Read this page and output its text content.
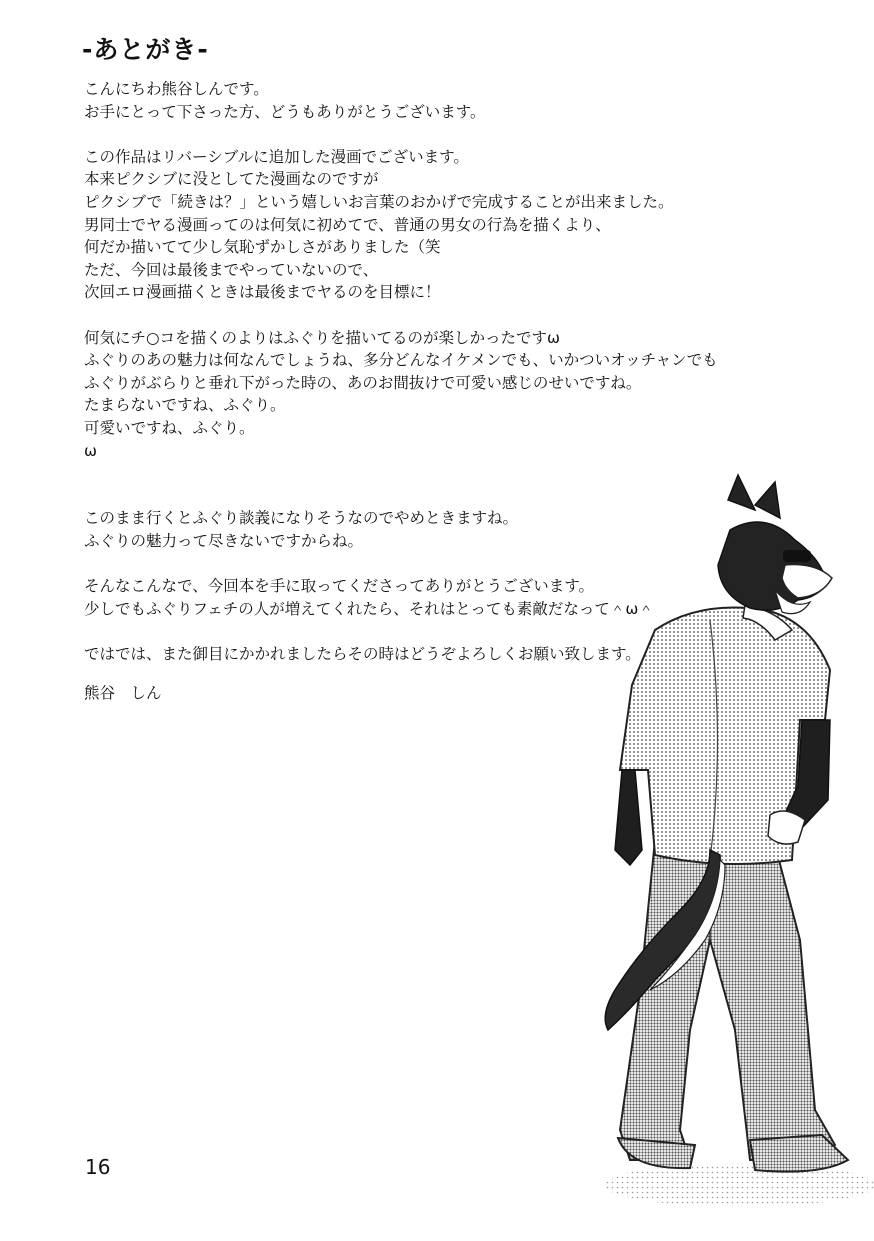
-あとがき-
こんにちわ熊谷しんです。
お手にとって下さった方、どうもありがとうございます。

この作品はリバーシブルに追加した漫画でございます。
本来ピクシブに没としてた漫画なのですが
ピクシブで「続きは？」という嬉しいお言葉のおかげで完成することが出来ました。
男同士でヤる漫画ってのは何気に初めてで、普通の男女の行為を描くより、
何だか描いてて少し気恥ずかしさがありました（笑
ただ、今回は最後までやっていないので、
次回エロ漫画描くときは最後までヤるのを目標に！

何気にチ○コを描くのよりはふぐりを描いてるのが楽しかったですω
ふぐりのあの魅力は何なんでしょうね、多分どんなイケメンでも、いかついオッチャンでも
ふぐりがぶらりと垂れ下がった時の、あのお間抜けで可愛い感じのせいですね。
たまらないですね、ふぐり。
可愛いですね、ふぐり。
ω

このまま行くとふぐり談義になりそうなのでやめときますね。
ふぐりの魅力って尽きないですからね。

そんなこんなで、今回本を手に取ってくださってありがとうございます。
少しでもふぐりフェチの人が増えてくれたら、それはとっても素敵だなって＾ω＾

ではでは、また御目にかかれましたらその時はどうぞよろしくお願い致します。
熊谷　しん
16
